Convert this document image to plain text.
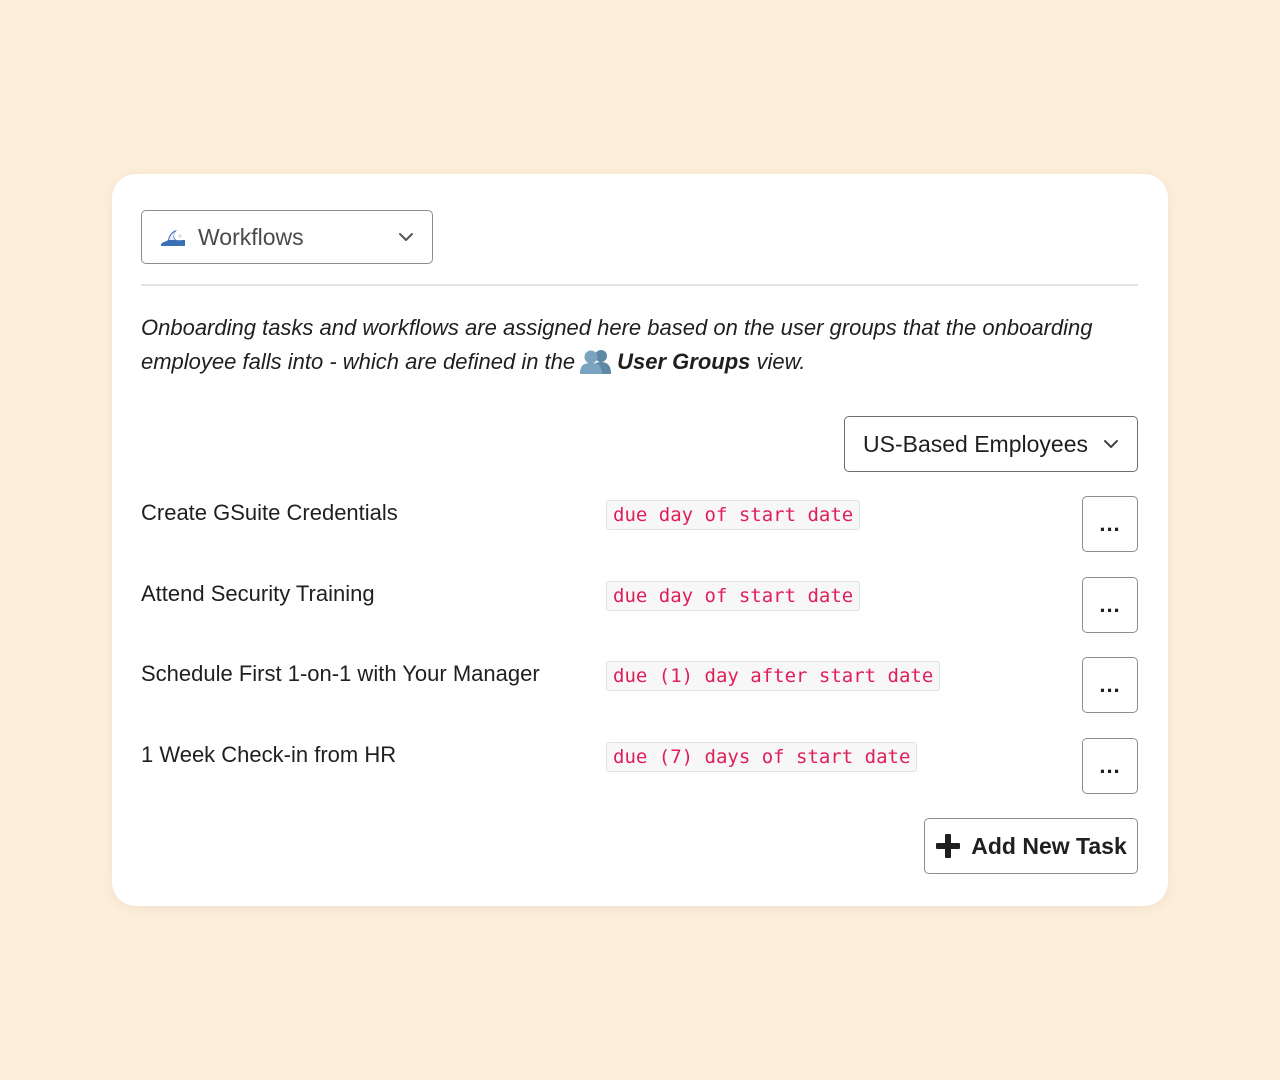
Workflows

Onboarding tasks and workflows are assigned here based on the user groups that the onboarding employee falls into - which are defined in the User Groups view.

US-Based Employees
Create GSuite Credentials	due day of start date	...
Attend Security Training	due day of start date	...
Schedule First 1-on-1 with Your Manager	due (1) day after start date	...
1 Week Check-in from HR	due (7) days of start date	...
Add New Task
